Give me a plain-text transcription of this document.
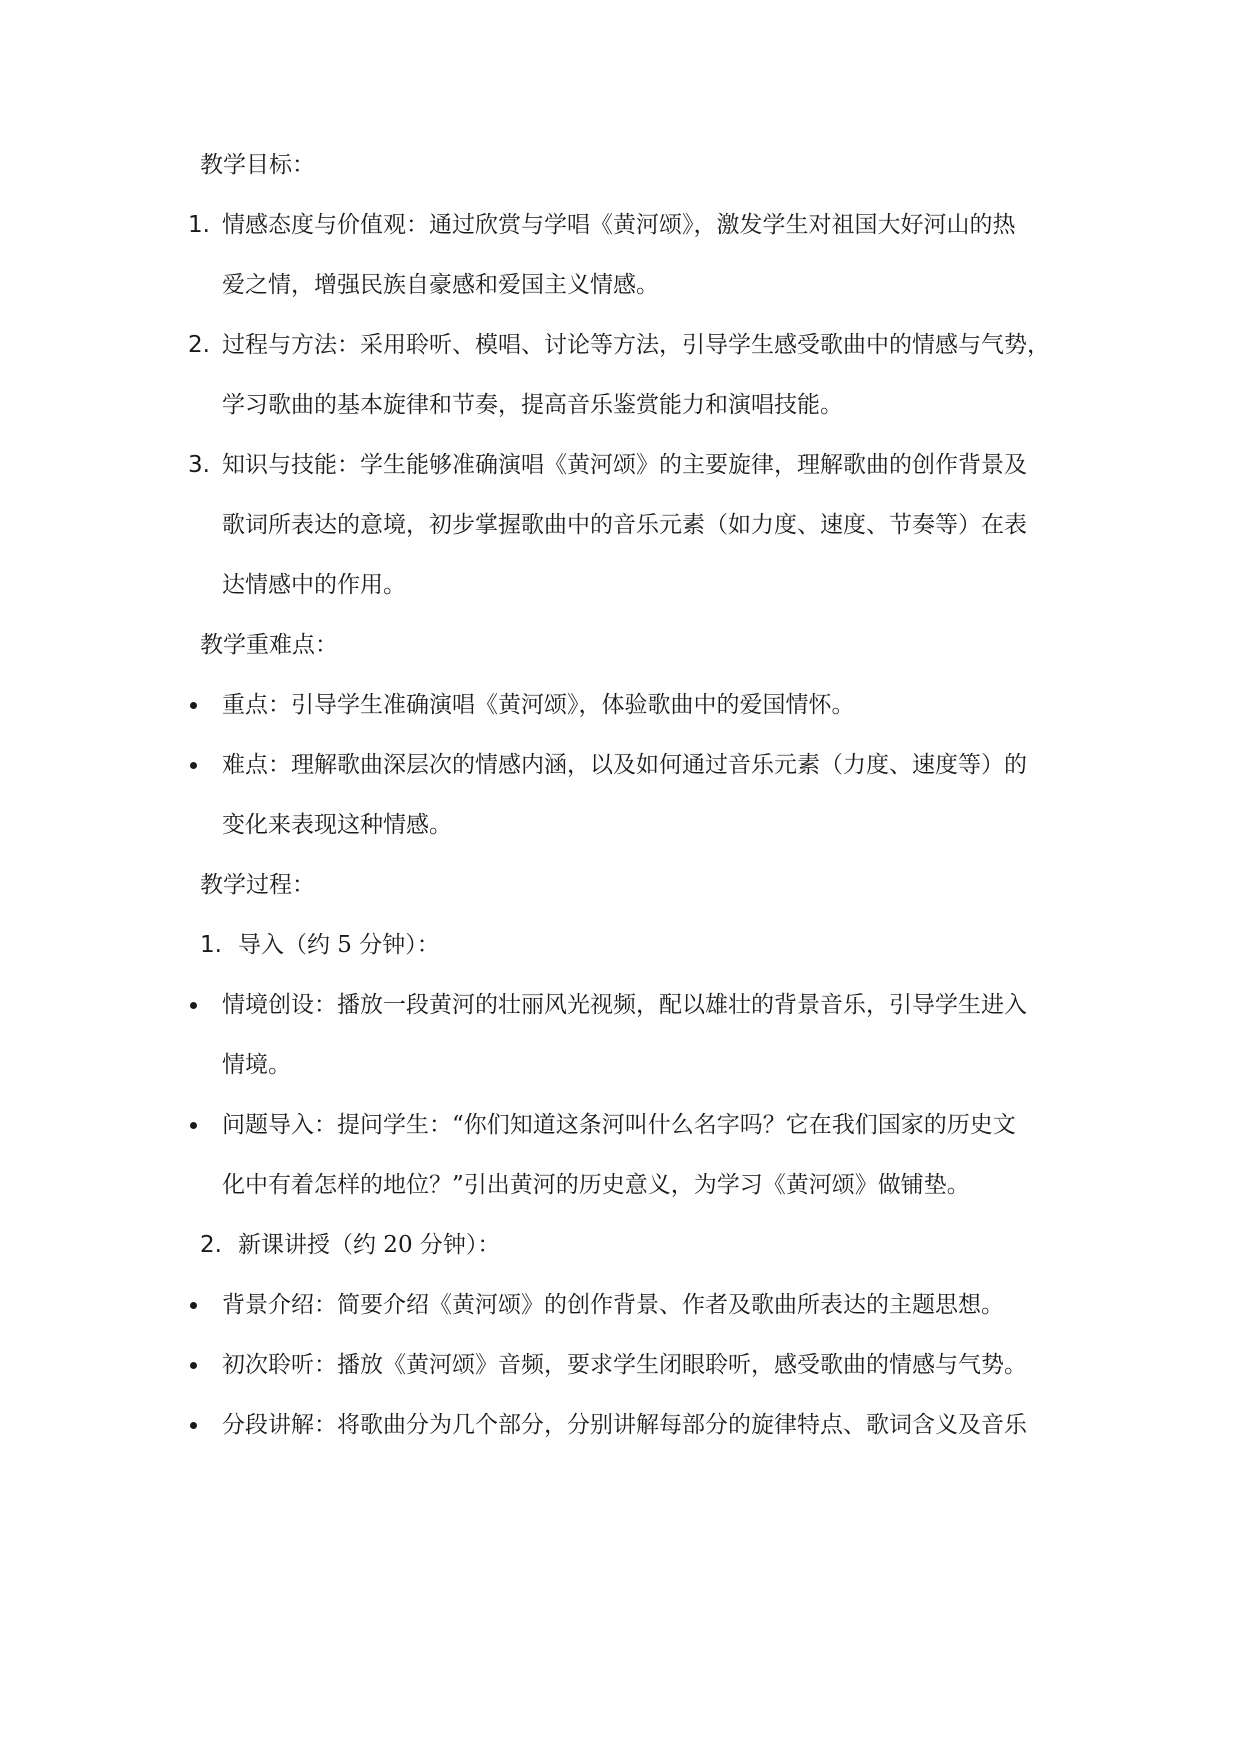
教学目标：
1. 情感态度与价值观：通过欣赏与学唱《黄河颂》，激发学生对祖国大好河山的热
爱之情，增强民族自豪感和爱国主义情感。
2. 过程与方法：采用聆听、模唱、讨论等方法，引导学生感受歌曲中的情感与气势，
学习歌曲的基本旋律和节奏，提高音乐鉴赏能力和演唱技能。
3. 知识与技能：学生能够准确演唱《黄河颂》的主要旋律，理解歌曲的创作背景及
歌词所表达的意境，初步掌握歌曲中的音乐元素（如力度、速度、节奏等）在表
达情感中的作用。
教学重难点：
重点：引导学生准确演唱《黄河颂》，体验歌曲中的爱国情怀。
难点：理解歌曲深层次的情感内涵，以及如何通过音乐元素（力度、速度等）的
变化来表现这种情感。
教学过程：
1. 导入（约 5 分钟）：
情境创设：播放一段黄河的壮丽风光视频，配以雄壮的背景音乐，引导学生进入
情境。
问题导入：提问学生：“你们知道这条河叫什么名字吗？它在我们国家的历史文
化中有着怎样的地位？”引出黄河的历史意义，为学习《黄河颂》做铺垫。
2. 新课讲授（约 20 分钟）：
背景介绍：简要介绍《黄河颂》的创作背景、作者及歌曲所表达的主题思想。
初次聆听：播放《黄河颂》音频，要求学生闭眼聆听，感受歌曲的情感与气势。
分段讲解：将歌曲分为几个部分，分别讲解每部分的旋律特点、歌词含义及音乐
